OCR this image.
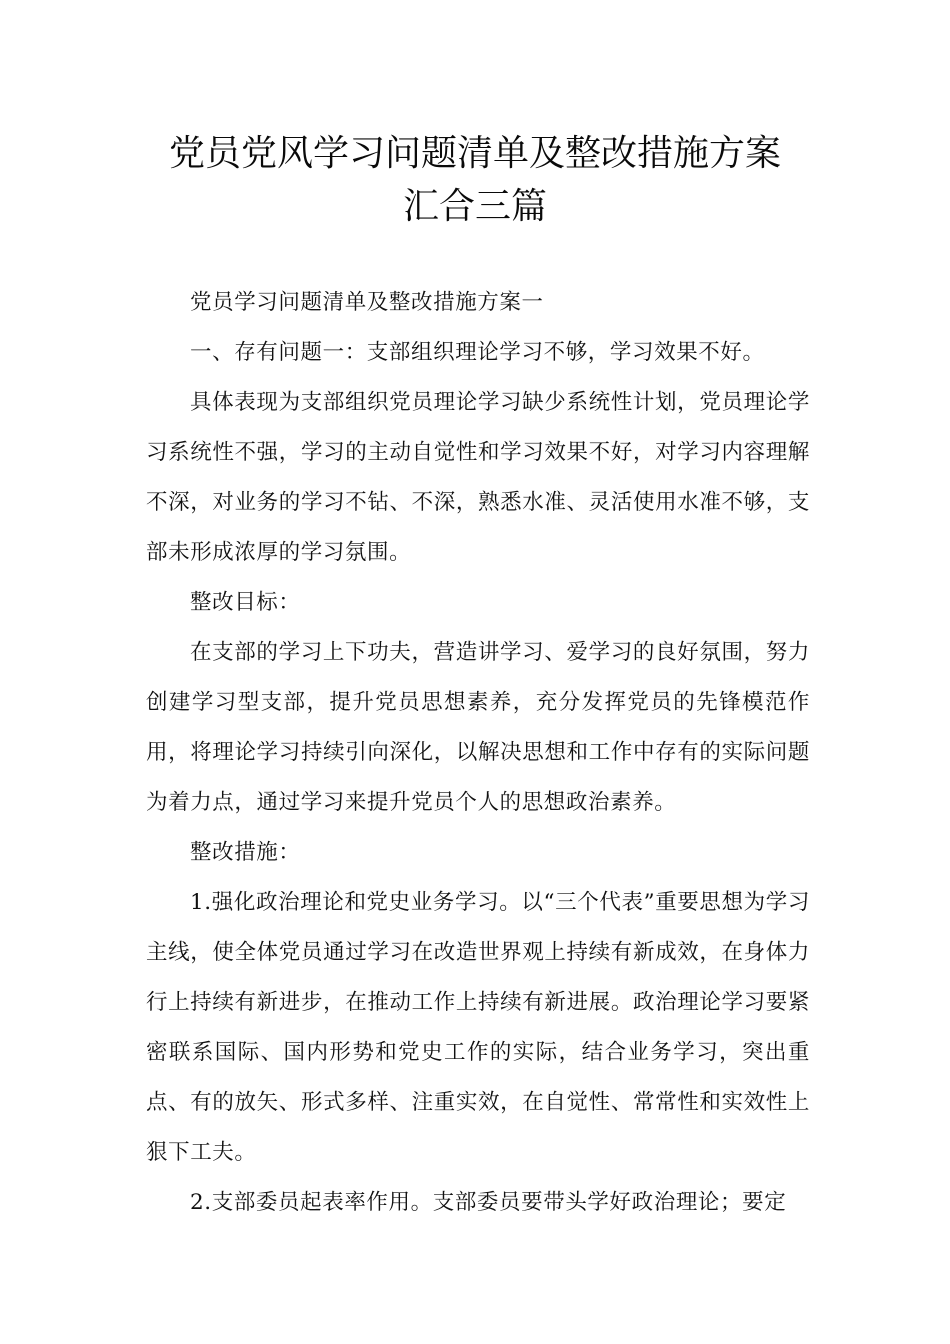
党员党风学习问题清单及整改措施方案
汇合三篇

党员学习问题清单及整改措施方案一

一、存有问题一：支部组织理论学习不够，学习效果不好。

具体表现为支部组织党员理论学习缺少系统性计划，党员理论学习系统性不强，学习的主动自觉性和学习效果不好，对学习内容理解不深，对业务的学习不钻、不深，熟悉水准、灵活使用水准不够，支部未形成浓厚的学习氛围。

整改目标：

在支部的学习上下功夫，营造讲学习、爱学习的良好氛围，努力创建学习型支部，提升党员思想素养，充分发挥党员的先锋模范作用，将理论学习持续引向深化，以解决思想和工作中存有的实际问题为着力点，通过学习来提升党员个人的思想政治素养。

整改措施：

1.强化政治理论和党史业务学习。以“三个代表”重要思想为学习主线，使全体党员通过学习在改造世界观上持续有新成效，在身体力行上持续有新进步，在推动工作上持续有新进展。政治理论学习要紧密联系国际、国内形势和党史工作的实际，结合业务学习，突出重点、有的放矢、形式多样、注重实效，在自觉性、常常性和实效性上狠下工夫。

2.支部委员起表率作用。支部委员要带头学好政治理论；要定
